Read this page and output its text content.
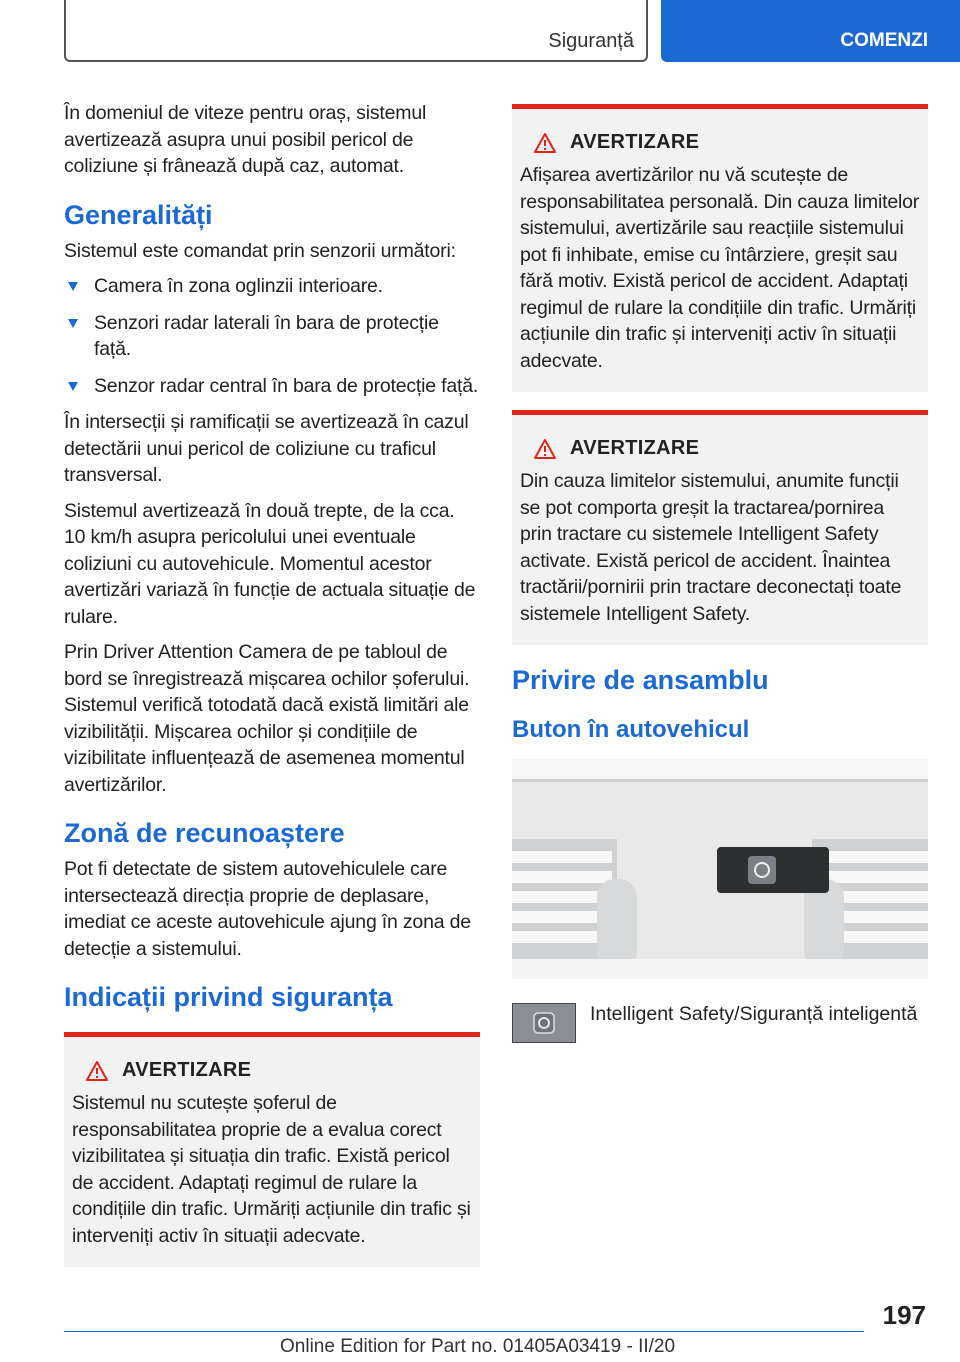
Siguranță	COMENZI

În domeniul de viteze pentru oraș, sistemul avertizează asupra unui posibil pericol de coliziune și frânează după caz, automat.

Generalități

Sistemul este comandat prin senzorii următori:

Camera în zona oglinzii interioare.
Senzori radar laterali în bara de protecție față.
Senzor radar central în bara de protecție față.

În intersecții și ramificații se avertizează în cazul detectării unui pericol de coliziune cu traficul transversal.

Sistemul avertizează în două trepte, de la cca. 10 km/h asupra pericolului unei eventuale coliziuni cu autovehicule. Momentul acestor avertizări variază în funcție de actuala situație de rulare.

Prin Driver Attention Camera de pe tabloul de bord se înregistrează mișcarea ochilor șoferului. Sistemul verifică totodată dacă există limitări ale vizibilității. Mișcarea ochilor și condițiile de vizibilitate influențează de asemenea momentul avertizărilor.

Zonă de recunoaștere

Pot fi detectate de sistem autovehiculele care intersectează direcția proprie de deplasare, imediat ce aceste autovehicule ajung în zona de detecție a sistemului.

Indicații privind siguranța
AVERTIZARE

Sistemul nu scutește șoferul de responsabilitatea proprie de a evalua corect vizibilitatea și situația din trafic. Există pericol de accident. Adaptați regimul de rulare la condițiile din trafic. Urmăriți acțiunile din trafic și interveniți activ în situații adecvate.

AVERTIZARE

Afișarea avertizărilor nu vă scutește de responsabilitatea personală. Din cauza limitelor sistemului, avertizările sau reacțiile sistemului pot fi inhibate, emise cu întârziere, greșit sau fără motiv. Există pericol de accident. Adaptați regimul de rulare la condițiile din trafic. Urmăriți acțiunile din trafic și interveniți activ în situații adecvate.

AVERTIZARE

Din cauza limitelor sistemului, anumite funcții se pot comporta greșit la tractarea/pornirea prin tractare cu sistemele Intelligent Safety activate. Există pericol de accident. Înaintea tractării/pornirii prin tractare deconectați toate sistemele Intelligent Safety.

Privire de ansamblu
Buton în autovehicul
Intelligent Safety/Siguranță inteligentă
197
Online Edition for Part no. 01405A03419 - II/20
